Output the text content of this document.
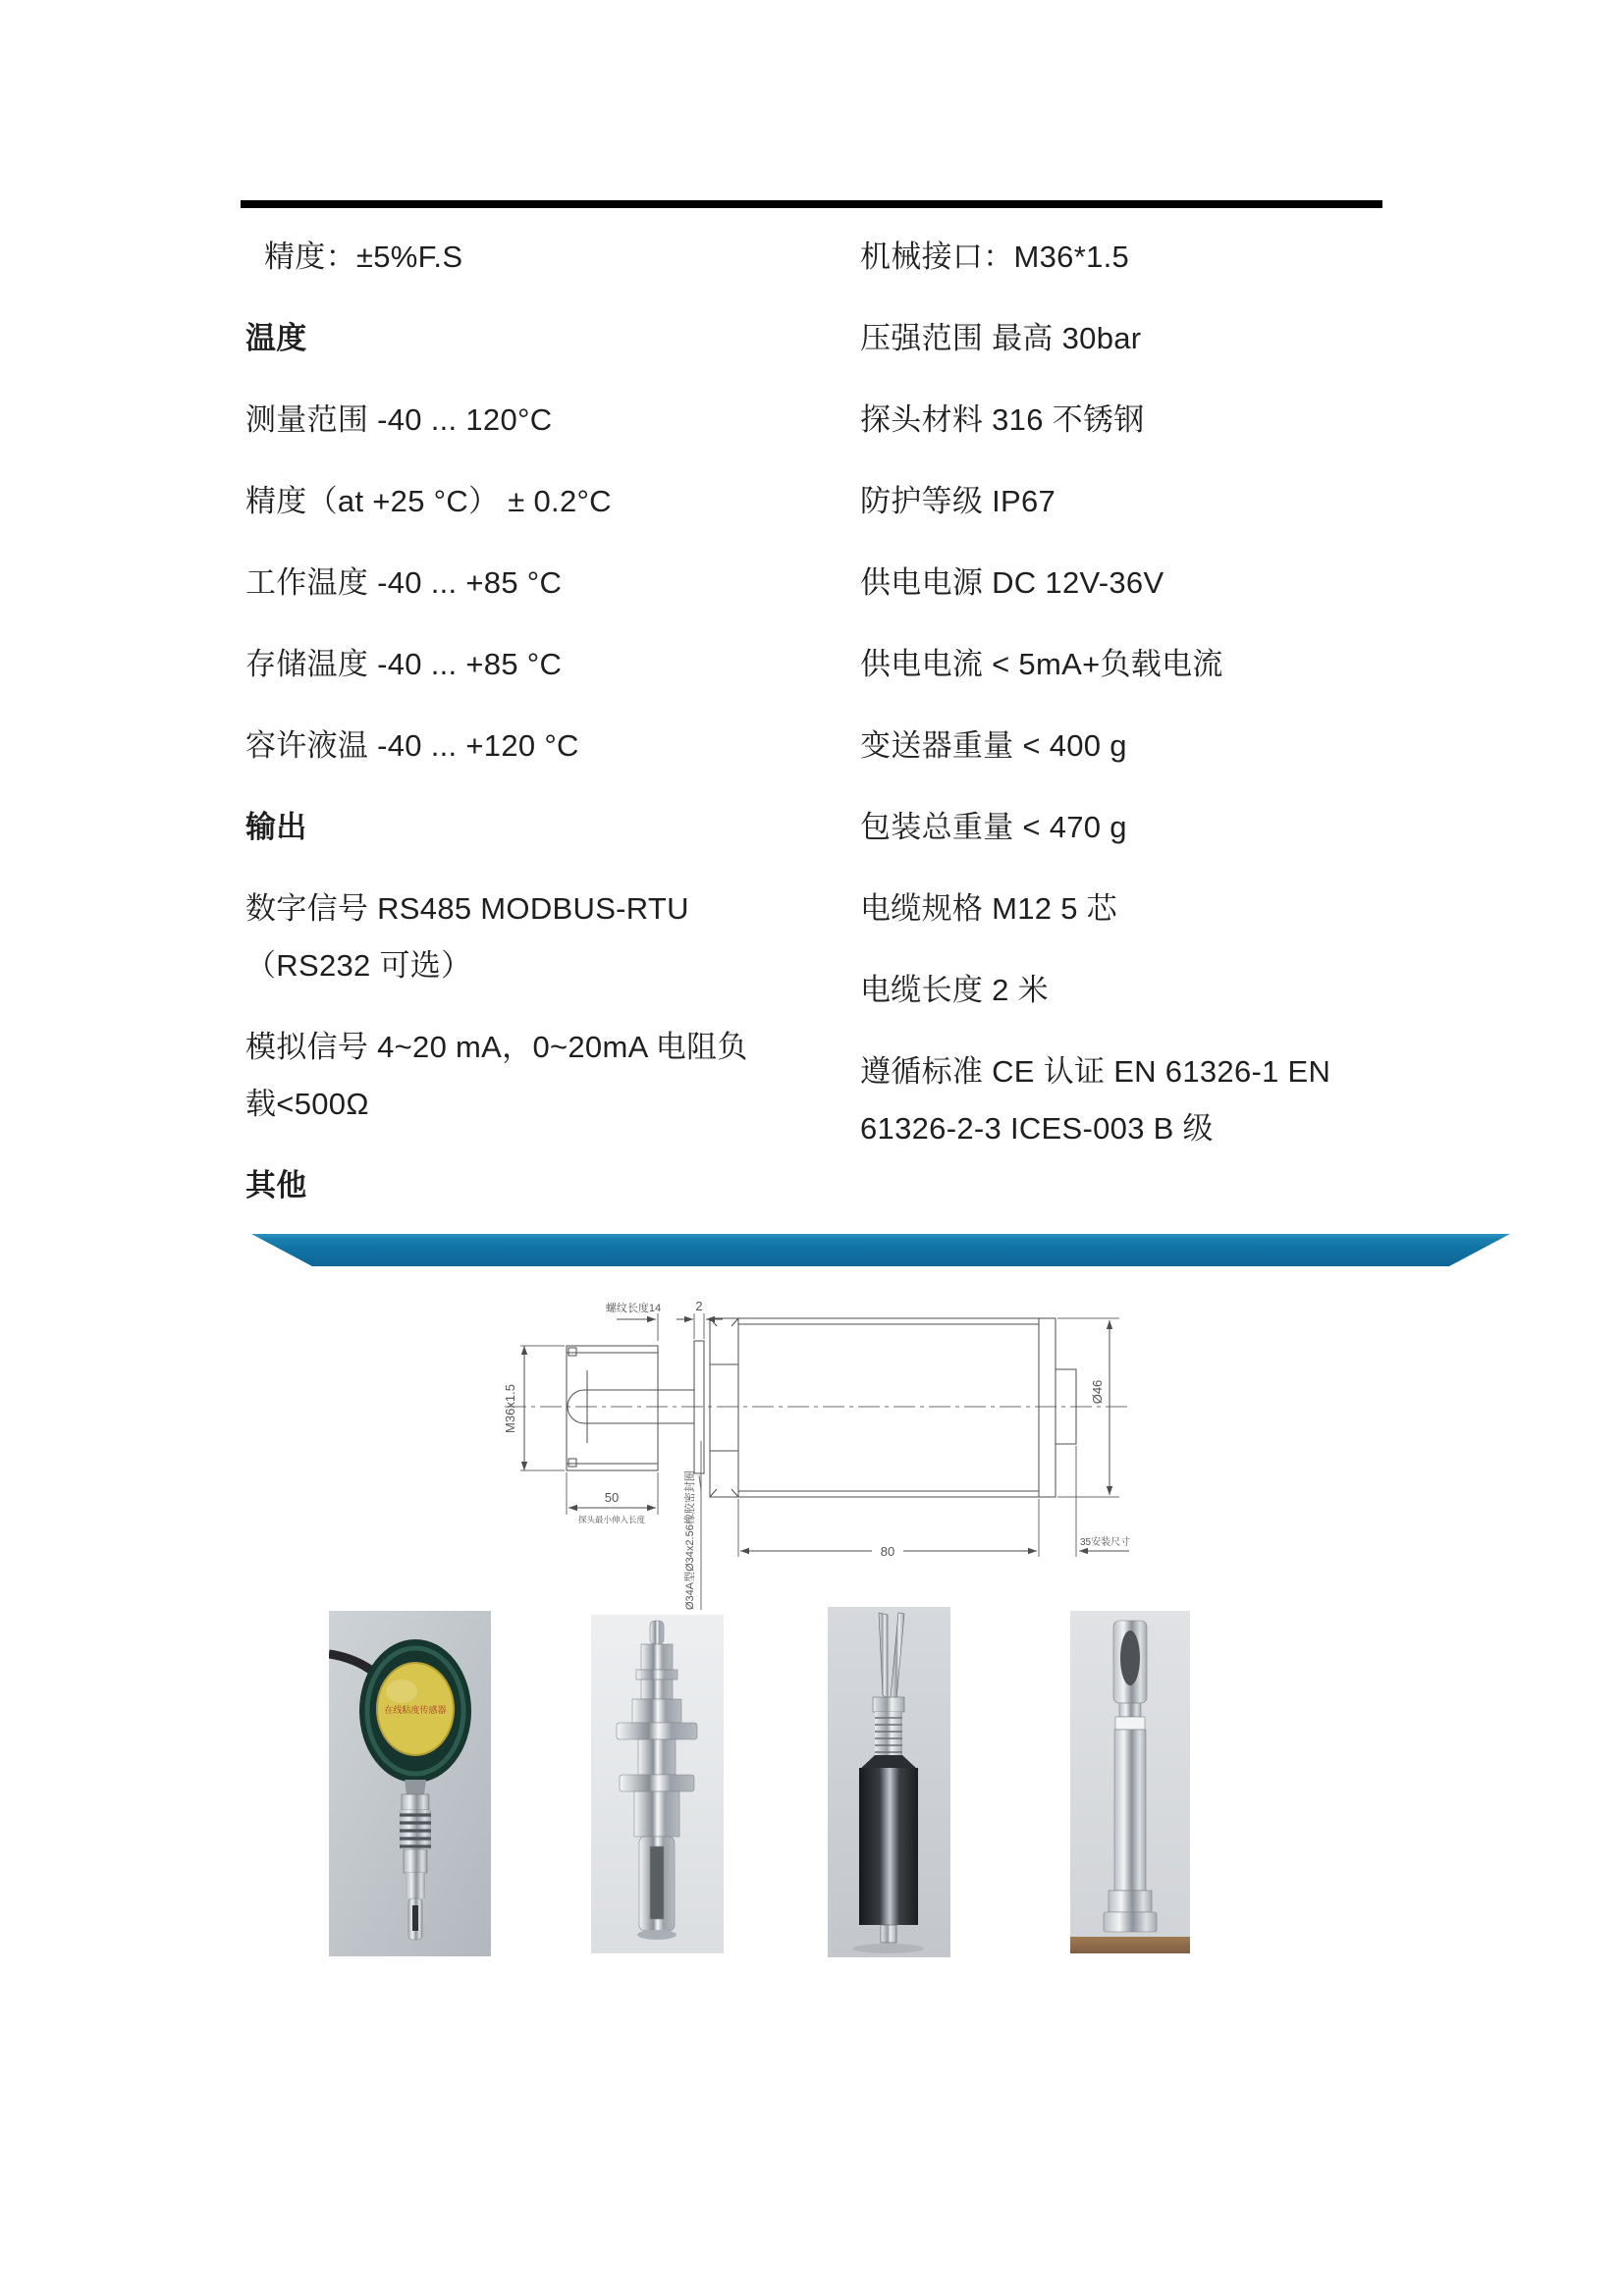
精度：±5%F.S
温度
测量范围 -40 ... 120°C
精度（at +25 °C） ± 0.2°C
工作温度 -40 ... +85 °C
存储温度 -40 ... +85 °C
容许液温 -40 ... +120 °C
输出
数字信号 RS485 MODBUS-RTU
（RS232 可选）
模拟信号 4~20 mA，0~20mA 电阻负
载<500Ω
其他
机械接口：M36*1.5
压强范围 最高 30bar
探头材料 316 不锈钢
防护等级 IP67
供电电源 DC 12V-36V
供电电流 < 5mA+负载电流
变送器重量 < 400 g
包装总重量 < 470 g
电缆规格 M12 5 芯
电缆长度 2 米
遵循标准 CE 认证 EN 61326-1 EN
61326-2-3 ICES-003 B 级
M36x1.5
螺纹长度14	2
Ø46
80
35安装尺寸
50
探头最小伸入长度	Ø34A型Ø34x2.56橡胶密封圈
在线粘度传感器
